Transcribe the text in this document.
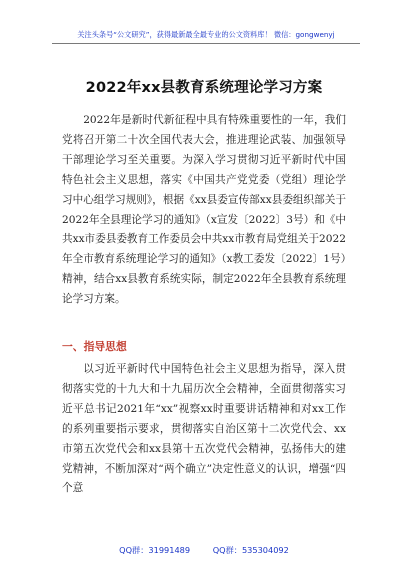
关注头条号“公文研究”，获得最新最全最专业的公文资料库！ 微信：gongwenyj
2022年xx县教育系统理论学习方案

2022年是新时代新征程中具有特殊重要性的一年，我们党将召开第二十次全国代表大会，推进理论武装、加强领导干部理论学习至关重要。为深入学习贯彻习近平新时代中国特色社会主义思想，落实《中国共产党党委（党组）理论学习中心组学习规则》，根据《xx县委宣传部xx县委组织部关于2022年全县理论学习的通知》（x宣发〔2022〕3号）和《中共xx市委县委教育工作委员会中共xx市教育局党组关于2022年全市教育系统理论学习的通知》（x教工委发〔2022〕1号）精神，结合xx县教育系统实际，制定2022年全县教育系统理论学习方案。

一、指导思想

以习近平新时代中国特色社会主义思想为指导，深入贯彻落实党的十九大和十九届历次全会精神，全面贯彻落实习近平总书记2021年“xx”视察xx时重要讲话精神和对xx工作的系列重要指示要求，贯彻落实自治区第十二次党代会、xx市第五次党代会和xx县第十五次党代会精神，弘扬伟大的建党精神，不断加深对“两个确立”决定性意义的认识，增强“四个意

QQ群：31991489	QQ群：535304092
